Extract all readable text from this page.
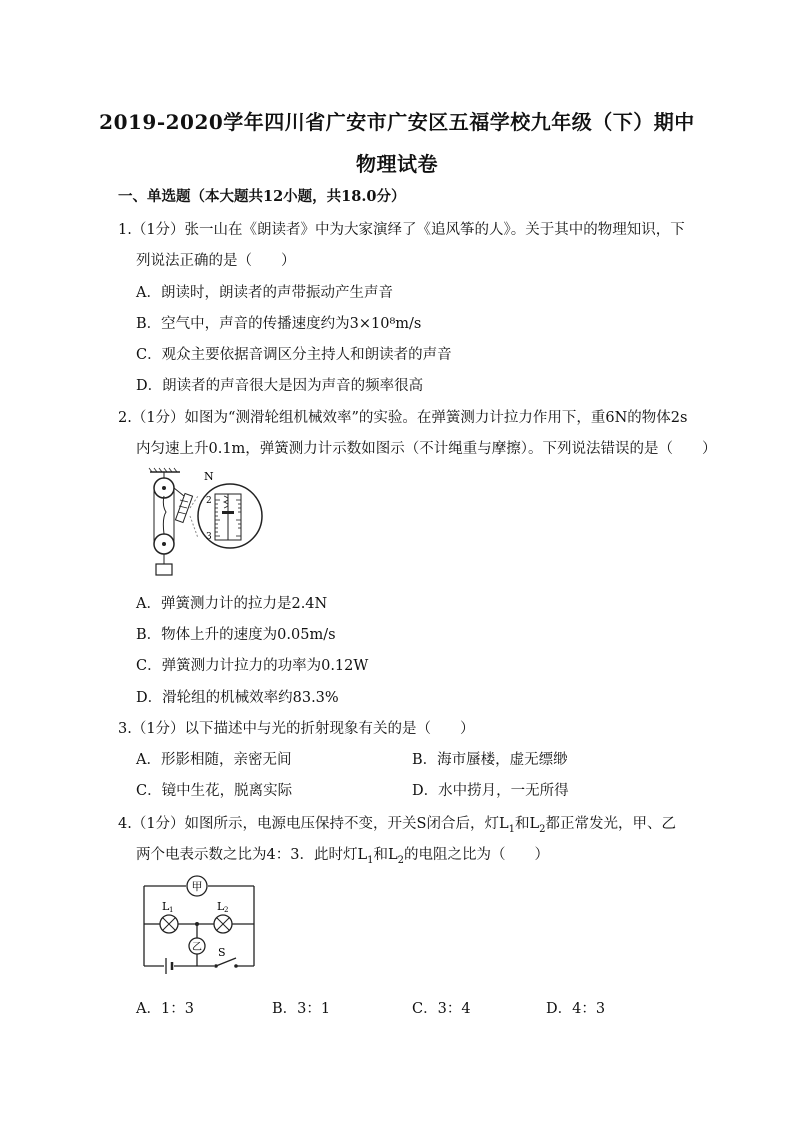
2019-2020学年四川省广安市广安区五福学校九年级（下）期中
物理试卷
一、单选题（本大题共12小题，共18.0分）
1.（1分）张一山在《朗读者》中为大家演绎了《追风筝的人》。关于其中的物理知识，下
列说法正确的是（　　）
A．朗读时，朗读者的声带振动产生声音
B．空气中，声音的传播速度约为3×10⁸m/s
C．观众主要依据音调区分主持人和朗读者的声音
D．朗读者的声音很大是因为声音的频率很高
2.（1分）如图为“测滑轮组机械效率”的实验。在弹簧测力计拉力作用下，重6N的物体2s
内匀速上升0.1m，弹簧测力计示数如图示（不计绳重与摩擦）。下列说法错误的是（　　）
2
3
N
A．弹簧测力计的拉力是2.4N
B．物体上升的速度为0.05m/s
C．弹簧测力计拉力的功率为0.12W
D．滑轮组的机械效率约83.3%
3.（1分）以下描述中与光的折射现象有关的是（　　）
A．形影相随，亲密无间	B．海市蜃楼，虚无缥缈
C．镜中生花，脱离实际	D．水中捞月，一无所得
4.（1分）如图所示，电源电压保持不变，开关S闭合后，灯$L_1$和$L_2$都正常发光，甲、乙
两个电表示数之比为4：3．此时灯$L_1$和$L_2$的电阻之比为（　　）
甲
乙
L 1	L 2
S
A．1：3	B．3：1	C．3：4	D．4：3
